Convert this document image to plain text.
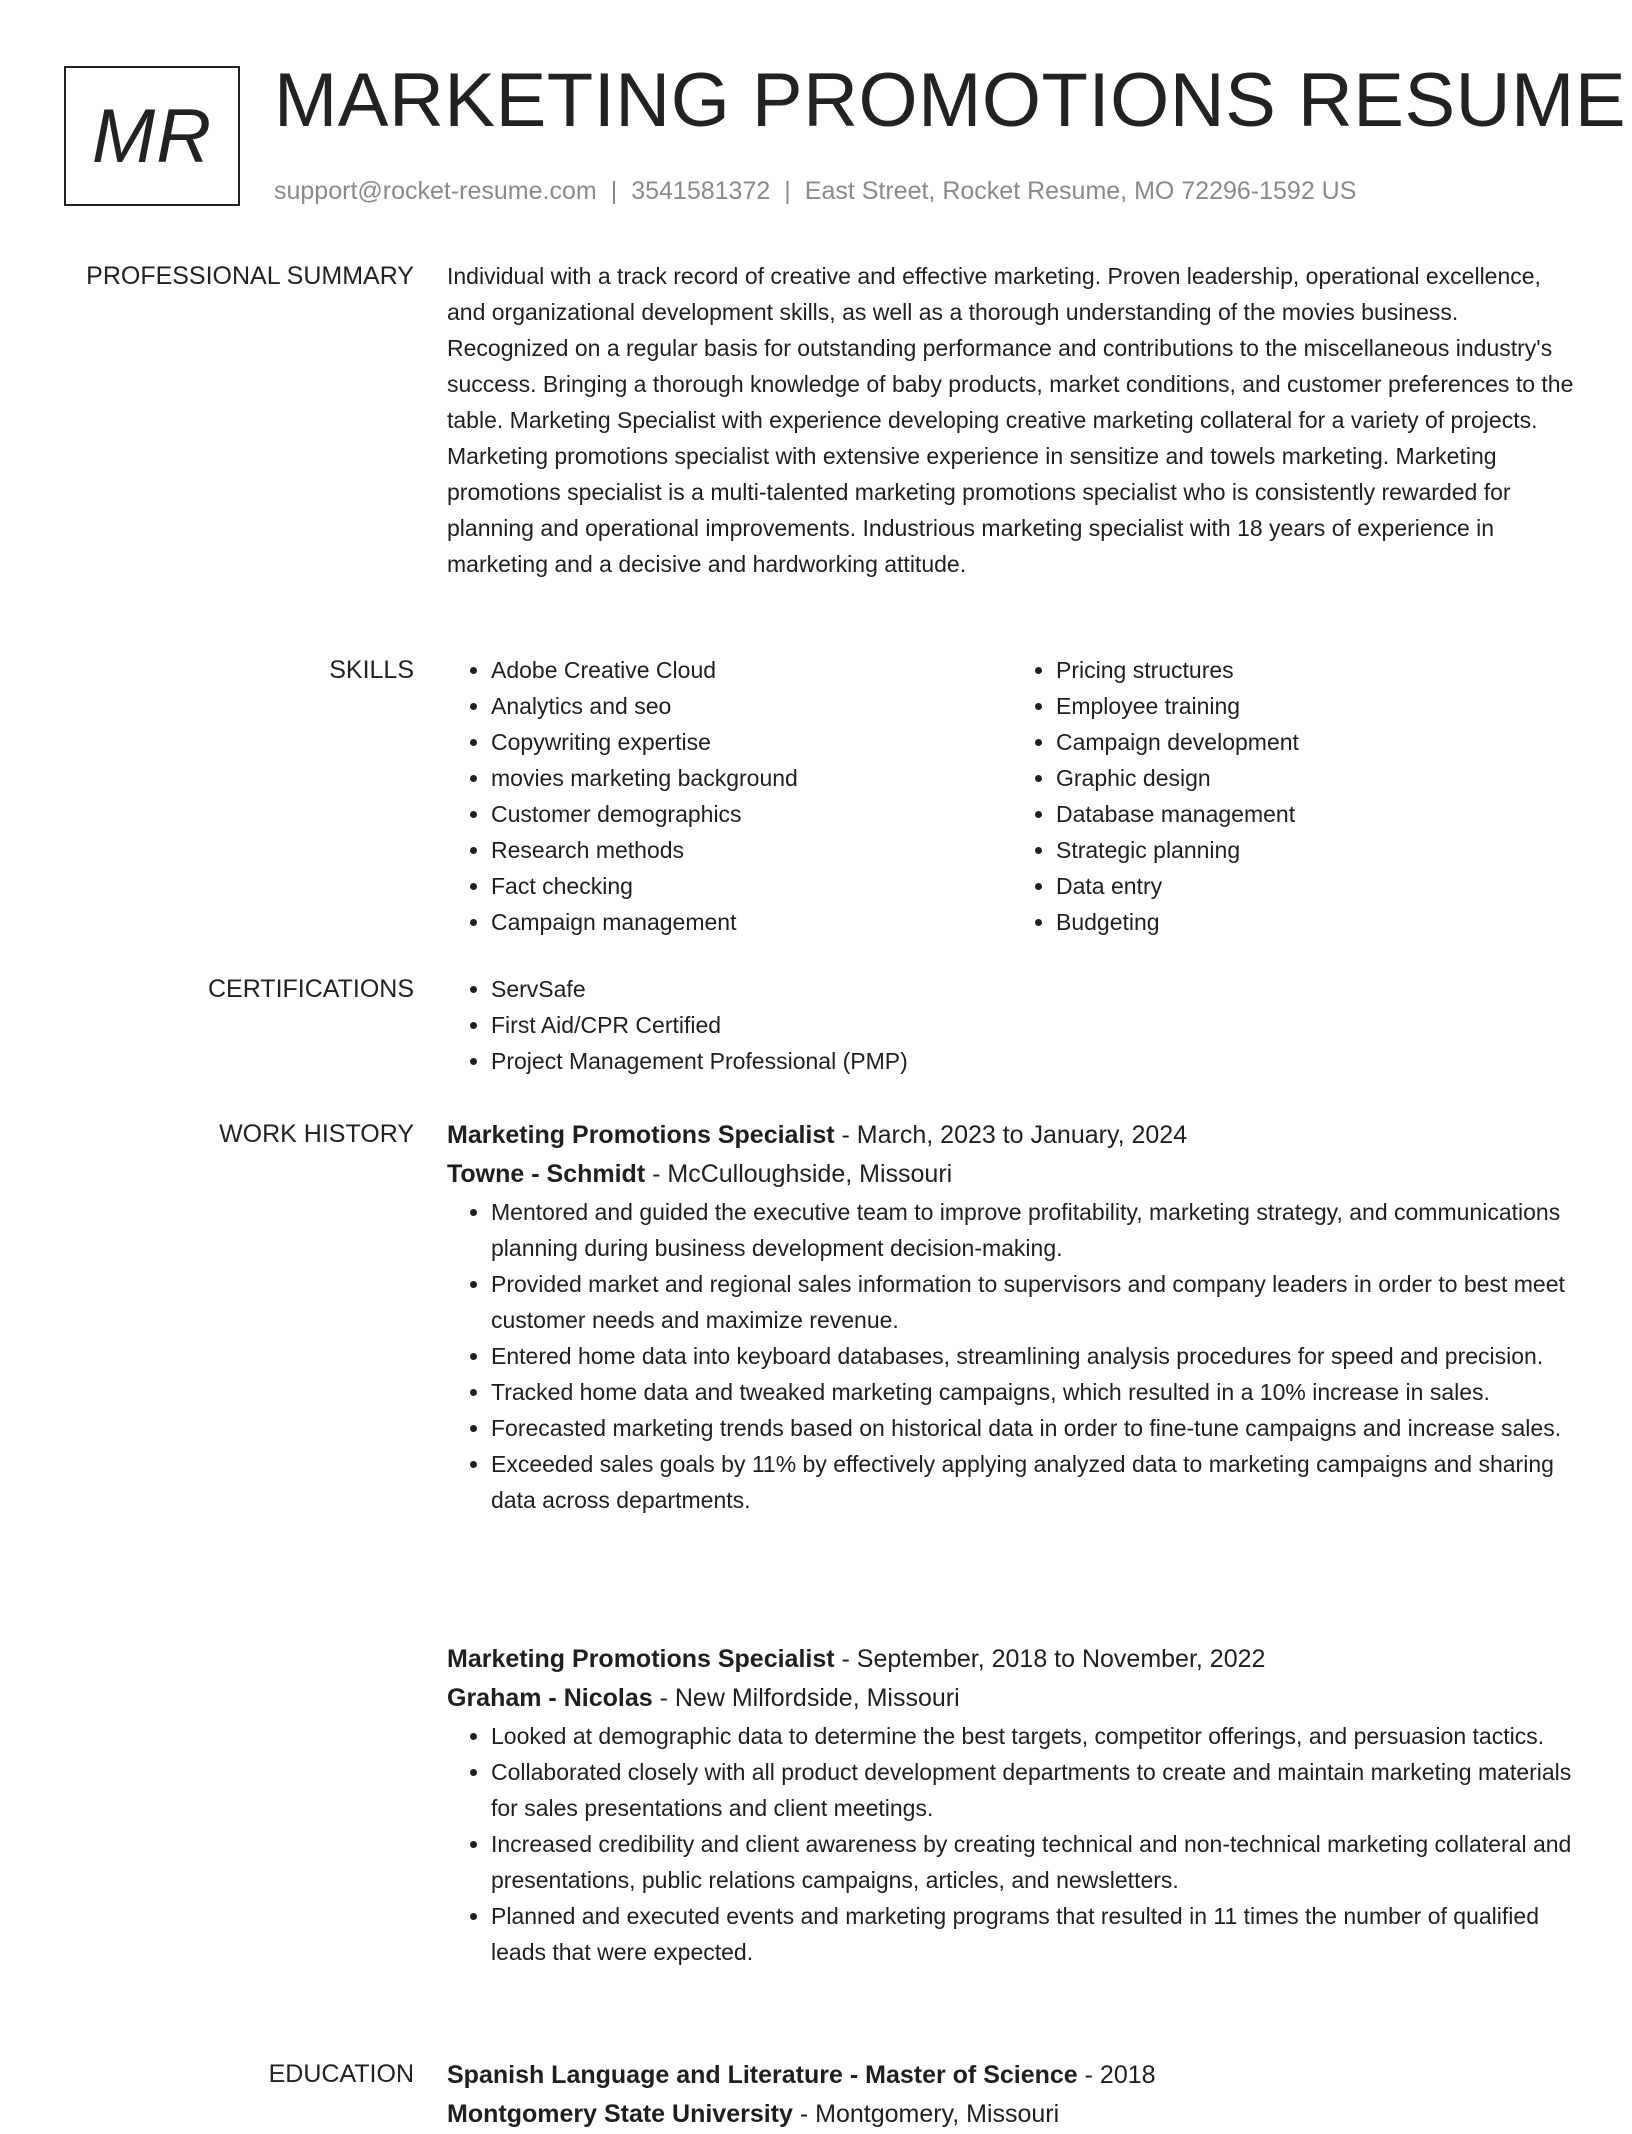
MR MARKETING PROMOTIONS RESUME
support@rocket-resume.com | 3541581372 | East Street, Rocket Resume, MO 72296-1592 US
PROFESSIONAL SUMMARY Individual with a track record of creative and effective marketing. Proven leadership, operational excellence, and organizational development skills, as well as a thorough understanding of the movies business. Recognized on a regular basis for outstanding performance and contributions to the miscellaneous industry's success. Bringing a thorough knowledge of baby products, market conditions, and customer preferences to the table. Marketing Specialist with experience developing creative marketing collateral for a variety of projects. Marketing promotions specialist with extensive experience in sensitize and towels marketing. Marketing promotions specialist is a multi-talented marketing promotions specialist who is consistently rewarded for planning and operational improvements. Industrious marketing specialist with 18 years of experience in marketing and a decisive and hardworking attitude.

SKILLS	• Adobe Creative Cloud
• Analytics and seo
• Copywriting expertise
• movies marketing background
• Customer demographics
• Research methods
• Fact checking
• Campaign management
• Pricing structures
• Employee training
• Campaign development
• Graphic design
• Database management
• Strategic planning
• Data entry
• Budgeting
CERTIFICATIONS	• ServSafe
• First Aid/CPR Certified
• Project Management Professional (PMP)
WORK HISTORY Marketing Promotions Specialist - March, 2023 to January, 2024
Towne - Schmidt - McCulloughside, Missouri
• Mentored and guided the executive team to improve profitability, marketing strategy, and communications planning during business development decision-making.
• Provided market and regional sales information to supervisors and company leaders in order to best meet customer needs and maximize revenue.
• Entered home data into keyboard databases, streamlining analysis procedures for speed and precision.
• Tracked home data and tweaked marketing campaigns, which resulted in a 10% increase in sales.
• Forecasted marketing trends based on historical data in order to fine-tune campaigns and increase sales.
• Exceeded sales goals by 11% by effectively applying analyzed data to marketing campaigns and sharing data across departments.
Marketing Promotions Specialist - September, 2018 to November, 2022
Graham - Nicolas - New Milfordside, Missouri
• Looked at demographic data to determine the best targets, competitor offerings, and persuasion tactics.
• Collaborated closely with all product development departments to create and maintain marketing materials for sales presentations and client meetings.
• Increased credibility and client awareness by creating technical and non-technical marketing collateral and presentations, public relations campaigns, articles, and newsletters.
• Planned and executed events and marketing programs that resulted in 11 times the number of qualified leads that were expected.
EDUCATION Spanish Language and Literature - Master of Science - 2018
Montgomery State University - Montgomery, Missouri
